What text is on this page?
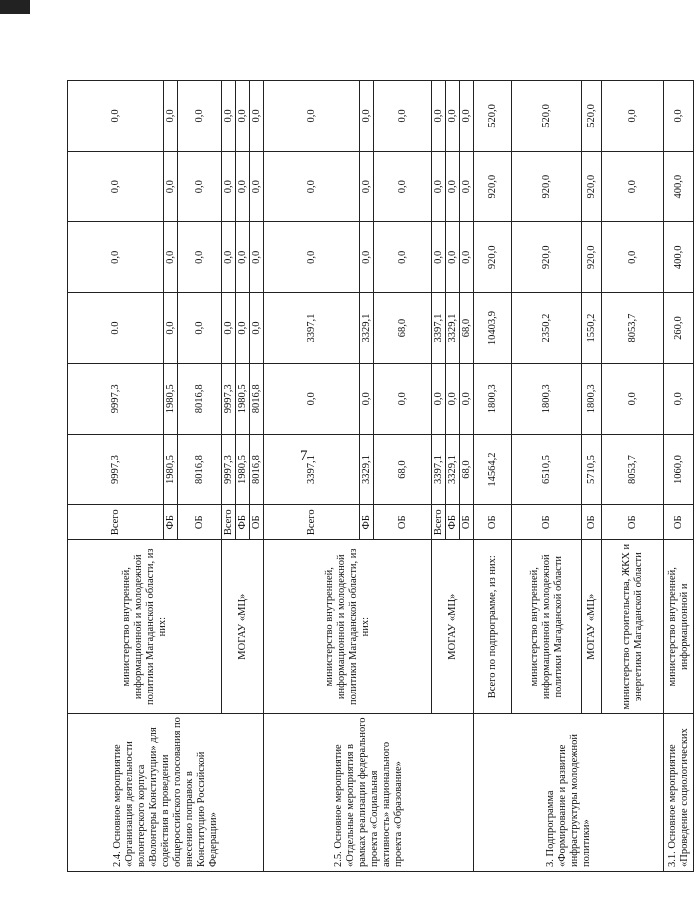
7
2.4. Основное мероприятие «Организация деятельности волонтерского корпуса «Волонтеры Конституции» для содействия в проведении общероссийского голосования по внесению поправок в Конституцию Российской Федерации»	министерство внутренней, информационной и молодежной политики Магаданской области, из них:	Всего	9997,3	9997,3	0.0	0,0	0,0	0,0
		ФБ	1980,5	1980,5	0,0	0,0	0,0	0,0
		ОБ	8016,8	8016,8	0,0	0,0	0,0	0,0
	МОГАУ «МЦ»	Всего	9997,3	9997,3	0,0	0,0	0,0	0,0
		ФБ	1980,5	1980,5	0,0	0,0	0,0	0,0
		ОБ	8016,8	8016,8	0,0	0,0	0,0	0,0
2.5. Основное мероприятие «Отдельные мероприятия в рамках реализации федерального проекта «Социальная активность» национального проекта «Образование»	министерство внутренней, информационной и молодежной политики Магаданской области, из них:	Всего	3397,1	0,0	3397,1	0,0	0,0	0,0
		ФБ	3329,1	0,0	3329,1	0,0	0,0	0,0
		ОБ	68,0	0,0	68,0	0,0	0,0	0,0
	МОГАУ «МЦ»	Всего	3397,1	0,0	3397,1	0,0	0,0	0,0
		ФБ	3329,1	0,0	3329,1	0,0	0,0	0,0
		ОБ	68,0	0,0	68,0	0,0	0,0	0,0
3. Подпрограмма «Формирование и развитие инфраструктуры молодежной политики»	Всего по подпрограмме, из них:	ОБ	14564,2	1800,3	10403,9	920,0	920,0	520,0
	министерство внутренней, информационной и молодежной политики Магаданской области	ОБ	6510,5	1800,3	2350,2	920,0	920,0	520,0
	МОГАУ «МЦ»	ОБ	5710,5	1800,3	1550,2	920,0	920,0	520,0
	министерство строительства, ЖКХ и энергетики Магаданской области	ОБ	8053,7	0,0	8053,7	0,0	0,0	0,0
3.1. Основное мероприятие «Проведение социологических	министерство внутренней, информационной и	ОБ	1060,0	0,0	260,0	400,0	400,0	0,0
